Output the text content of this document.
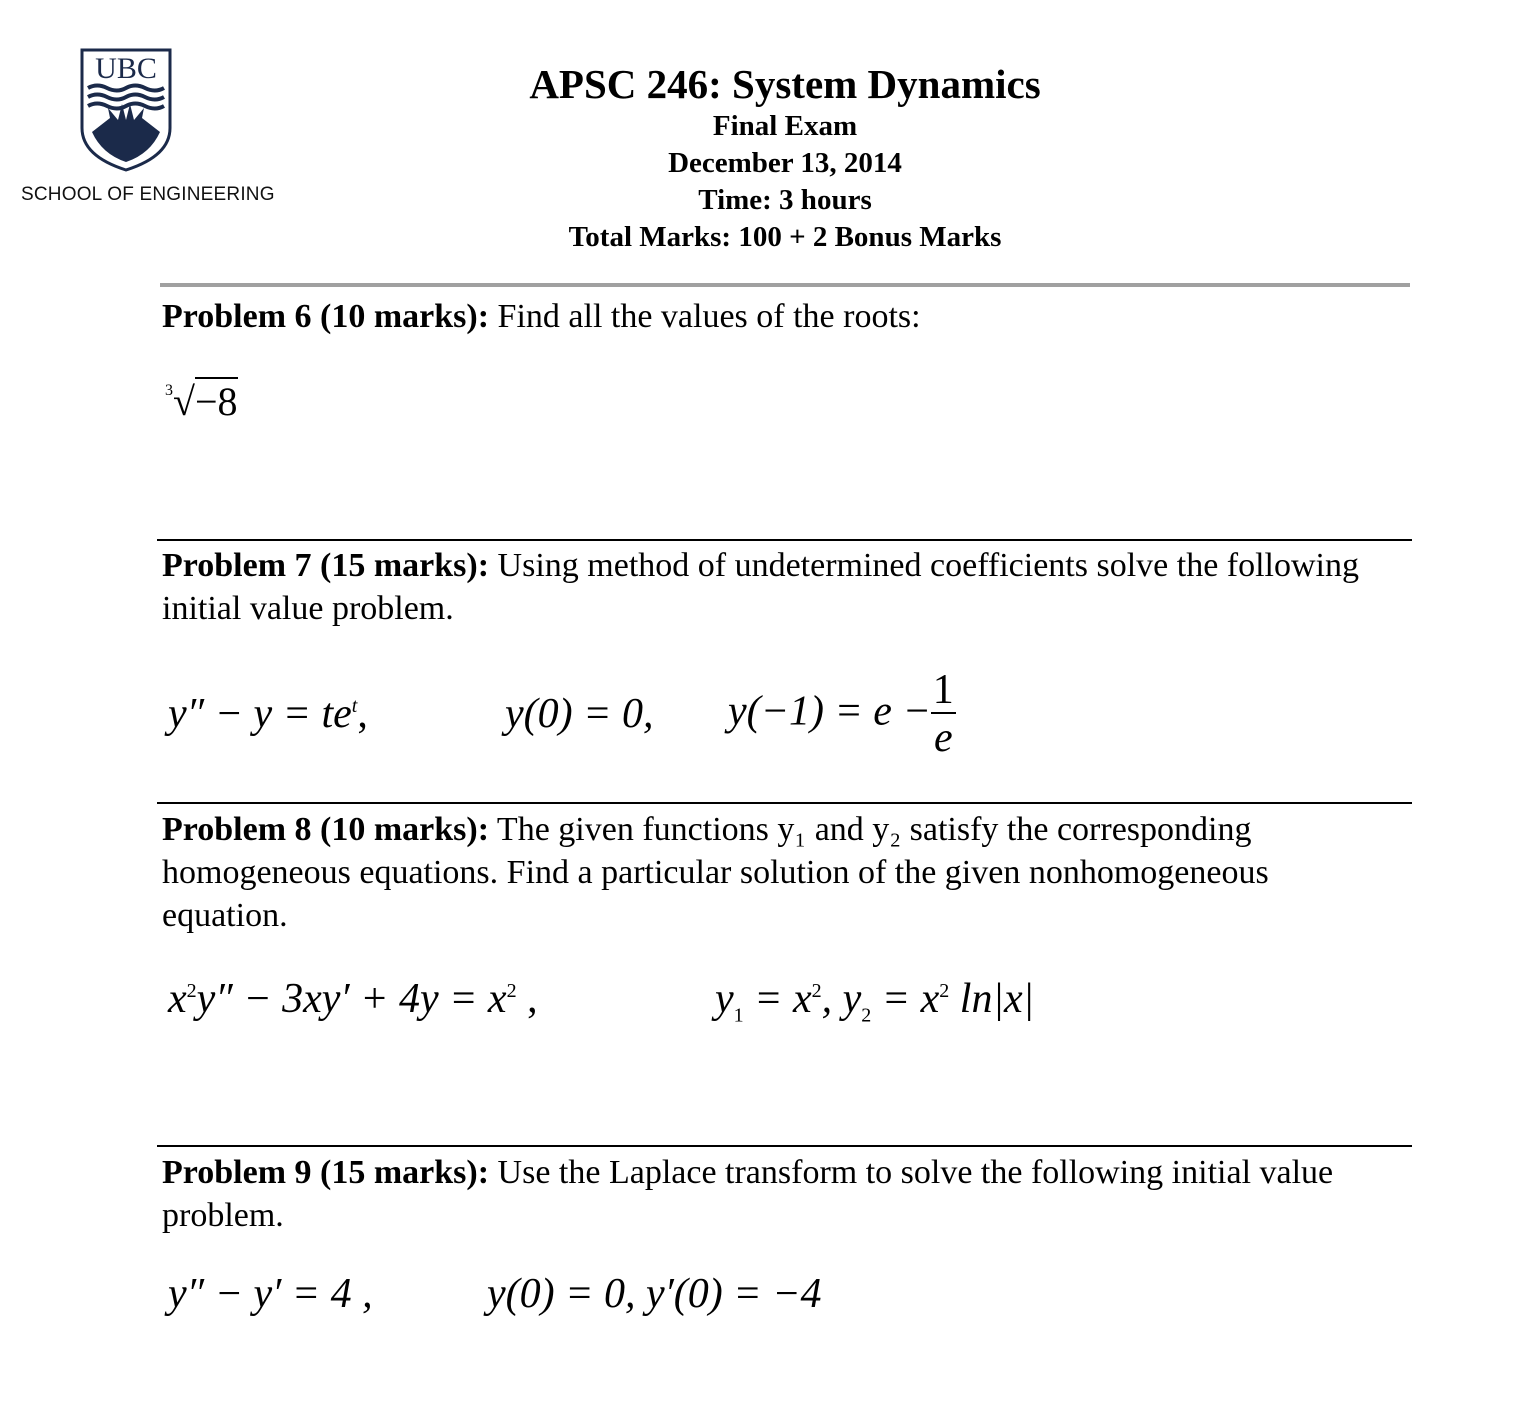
UBC
SCHOOL OF ENGINEERING
APSC 246: System Dynamics
Final Exam
December 13, 2014
Time: 3 hours
Total Marks: 100 + 2 Bonus Marks
Problem 6 (10 marks): Find all the values of the roots:
$^3$√−8
Problem 7 (15 marks): Using method of undetermined coefficients solve the following initial value problem.
$y'' - y = te^t$,	y(0) = 0, $y(-1) = e - \frac{1}{e}$
Problem 8 (10 marks): The given functions y₁ and y₂ satisfy the corresponding homogeneous equations. Find a particular solution of the given nonhomogeneous equation.
$x^2y'' - 3xy' + 4y = x^2$ ,	$y_1 = x^2$, $y_2 = x^2$ ln|x|
Problem 9 (15 marks): Use the Laplace transform to solve the following initial value problem.
y″ − y′ = 4 ,	y(0) = 0, y′(0) = −4
